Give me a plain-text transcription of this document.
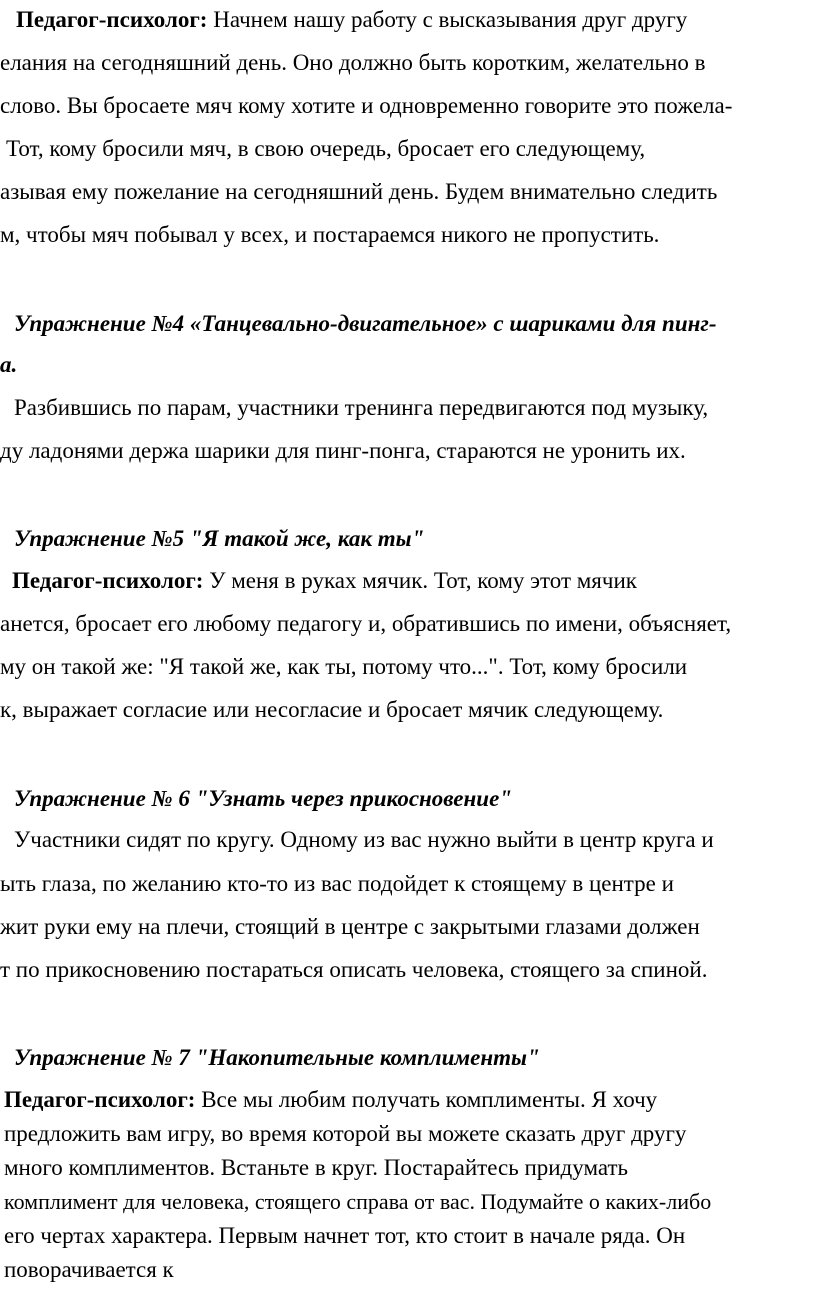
Педагог-психолог: Начнем нашу работу с высказывания друг другу
елания на сегодняшний день. Оно должно быть коротким, желательно в
слово. Вы бросаете мяч кому хотите и одновременно говорите это пожела-
Тот, кому бросили мяч, в свою очередь, бросает его следующему,
азывая ему пожелание на сегодняшний день. Будем внимательно следить
м, чтобы мяч побывал у всех, и постараемся никого не пропустить.
Упражнение №4 «Танцевально-двигательное» с шариками для пинг-
а.
Разбившись по парам, участники тренинга передвигаются под музыку,
ду ладонями держа шарики для пинг-понга, стараются не уронить их.
Упражнение №5 "Я такой же, как ты"
Педагог-психолог: У меня в руках мячик. Тот, кому этот мячик
анется, бросает его любому педагогу и, обратившись по имени, объясняет,
му он такой же: "Я такой же, как ты, потому что...". Тот, кому бросили
к, выражает согласие или несогласие и бросает мячик следующему.
Упражнение № 6 "Узнать через прикосновение"
Участники сидят по кругу. Одному из вас нужно выйти в центр круга и
ыть глаза, по желанию кто-то из вас подойдет к стоящему в центре и
жит руки ему на плечи, стоящий в центре с закрытыми глазами должен
т по прикосновению постараться описать человека, стоящего за спиной.
Упражнение № 7 "Накопительные комплименты"
Педагог-психолог: Все мы любим получать комплименты. Я хочу
предложить вам игру, во время которой вы можете сказать друг другу
много комплиментов. Встаньте в круг. Постарайтесь придумать
комплимент для человека, стоящего справа от вас. Подумайте о каких-либо
его чертах характера. Первым начнет тот, кто стоит в начале ряда. Он
поворачивается к
